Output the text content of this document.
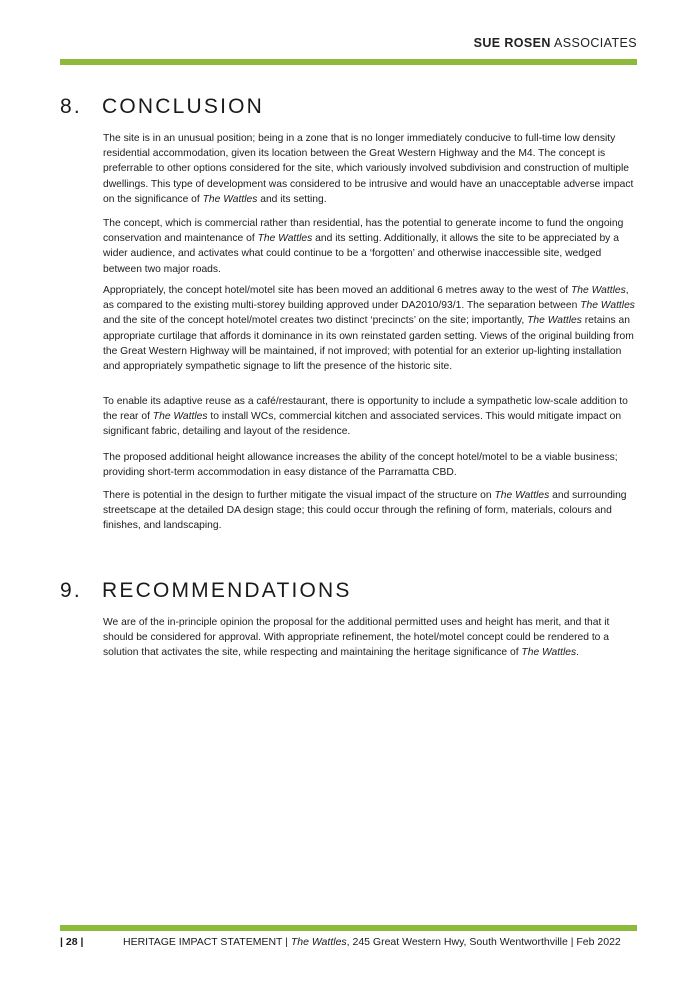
SUE ROSEN ASSOCIATES
8. CONCLUSION

The site is in an unusual position; being in a zone that is no longer immediately conducive to full-time low density residential accommodation, given its location between the Great Western Highway and the M4. The concept is preferrable to other options considered for the site, which variously involved subdivision and construction of multiple dwellings. This type of development was considered to be intrusive and would have an unacceptable adverse impact on the significance of The Wattles and its setting.

The concept, which is commercial rather than residential, has the potential to generate income to fund the ongoing conservation and maintenance of The Wattles and its setting. Additionally, it allows the site to be appreciated by a wider audience, and activates what could continue to be a ‘forgotten’ and otherwise inaccessible site, wedged between two major roads.

Appropriately, the concept hotel/motel site has been moved an additional 6 metres away to the west of The Wattles, as compared to the existing multi-storey building approved under DA2010/93/1. The separation between The Wattles and the site of the concept hotel/motel creates two distinct ‘precincts’ on the site; importantly, The Wattles retains an appropriate curtilage that affords it dominance in its own reinstated garden setting. Views of the original building from the Great Western Highway will be maintained, if not improved; with potential for an exterior up-lighting installation and appropriately sympathetic signage to lift the presence of the historic site.

To enable its adaptive reuse as a café/restaurant, there is opportunity to include a sympathetic low-scale addition to the rear of The Wattles to install WCs, commercial kitchen and associated services. This would mitigate impact on significant fabric, detailing and layout of the residence.

The proposed additional height allowance increases the ability of the concept hotel/motel to be a viable business; providing short-term accommodation in easy distance of the Parramatta CBD.

There is potential in the design to further mitigate the visual impact of the structure on The Wattles and surrounding streetscape at the detailed DA design stage; this could occur through the refining of form, materials, colours and finishes, and landscaping.

9. RECOMMENDATIONS

We are of the in-principle opinion the proposal for the additional permitted uses and height has merit, and that it should be considered for approval. With appropriate refinement, the hotel/motel concept could be rendered to a solution that activates the site, while respecting and maintaining the heritage significance of The Wattles.

| 28 |	HERITAGE IMPACT STATEMENT | The Wattles, 245 Great Western Hwy, South Wentworthville | Feb 2022
